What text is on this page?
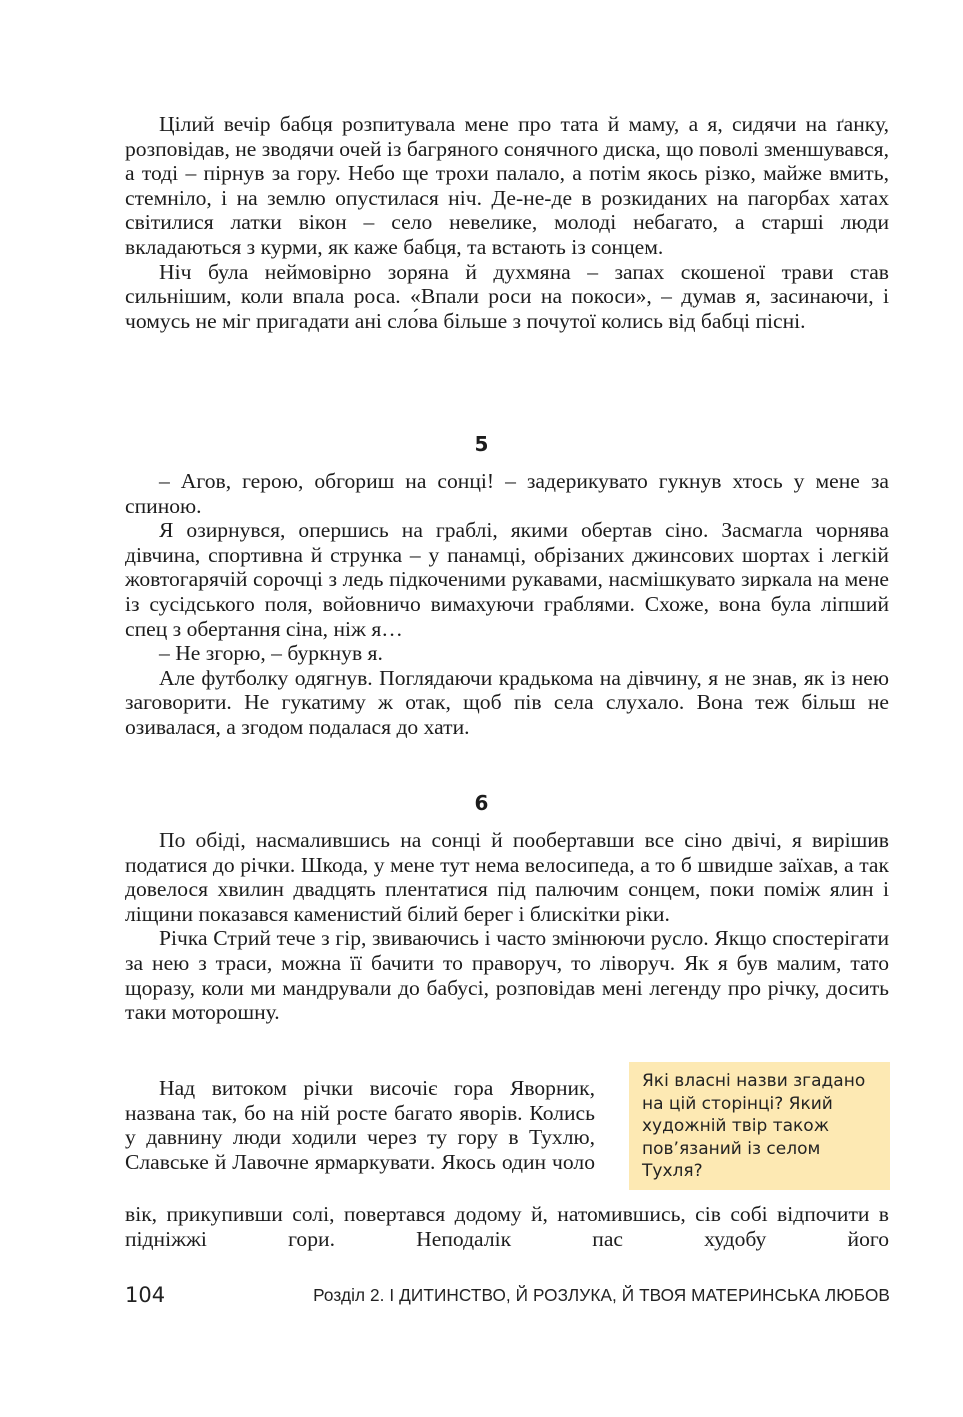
Цілий вечір бабця розпитувала мене про тата й маму, а я, сидячи на ґанку, розповідав, не зводячи очей із багряного сонячного диска, що поволі зменшувався, а тоді – пірнув за гору. Небо ще трохи палало, а потім якось різко, майже вмить, стемніло, і на землю опустилася ніч. Де-не-де в розкиданих на пагорбах хатах світилися латки вікон – село невелике, молоді небагато, а старші люди вкладаються з курми, як каже бабця, та встають із сонцем.

Ніч була неймовірно зоряна й духмяна – запах скошеної трави став сильнішим, коли впала роса. «Впали роси на покоси», – думав я, засинаючи, і чомусь не міг пригадати ані сло́ва більше з почутої колись від бабці пісні.

5

– Агов, герою, обгориш на сонці! – задерикувато гукнув хтось у мене за спиною.

Я озирнувся, опершись на граблі, якими обертав сіно. Засмагла чорнява дівчина, спортивна й струнка – у панамці, обрізаних джинсових шортах і легкій жовтогарячій сорочці з ледь підкоченими рукавами, насмішкувато зиркала на мене із сусідського поля, войовничо вимахуючи граблями. Схоже, вона була ліпший спец з обертання сіна, ніж я…

– Не згорю, – буркнув я.

Але футболку одягнув. Поглядаючи крадькома на дівчину, я не знав, як із нею заговорити. Не гукатиму ж отак, щоб пів села слухало. Вона теж більш не озивалася, а згодом подалася до хати.

6

По обіді, насмалившись на сонці й пообертавши все сіно двічі, я вирішив податися до річки. Шкода, у мене тут нема велосипеда, а то б швидше заїхав, а так довелося хвилин двадцять плентатися під палючим сонцем, поки поміж ялин і ліщини показався каменистий білий берег і блискітки ріки.

Річка Стрий тече з гір, звиваючись і часто змінюючи русло. Якщо спостерігати за нею з траси, можна її бачити то праворуч, то ліворуч. Як я був малим, тато щоразу, коли ми мандрували до бабусі, розповідав мені легенду про річку, досить таки моторошну.

Над витоком річки височіє гора Яворник, названа так, бо на ній росте багато яворів. Колись у давнину люди ходили через ту гору в Тухлю, Славське й Лавочне ярмаркувати. Якось один чоло

вік, прикупивши солі, повертався додому й, натомившись, сів собі відпочити в підніжжі гори. Неподалік пас худобу його

Які власні назви згадано на цій сторінці? Який художній твір також пов’язаний із селом Тухля?
104	Розділ 2. І ДИТИНСТВО, Й РОЗЛУКА, Й ТВОЯ МАТЕРИНСЬКА ЛЮБОВ
